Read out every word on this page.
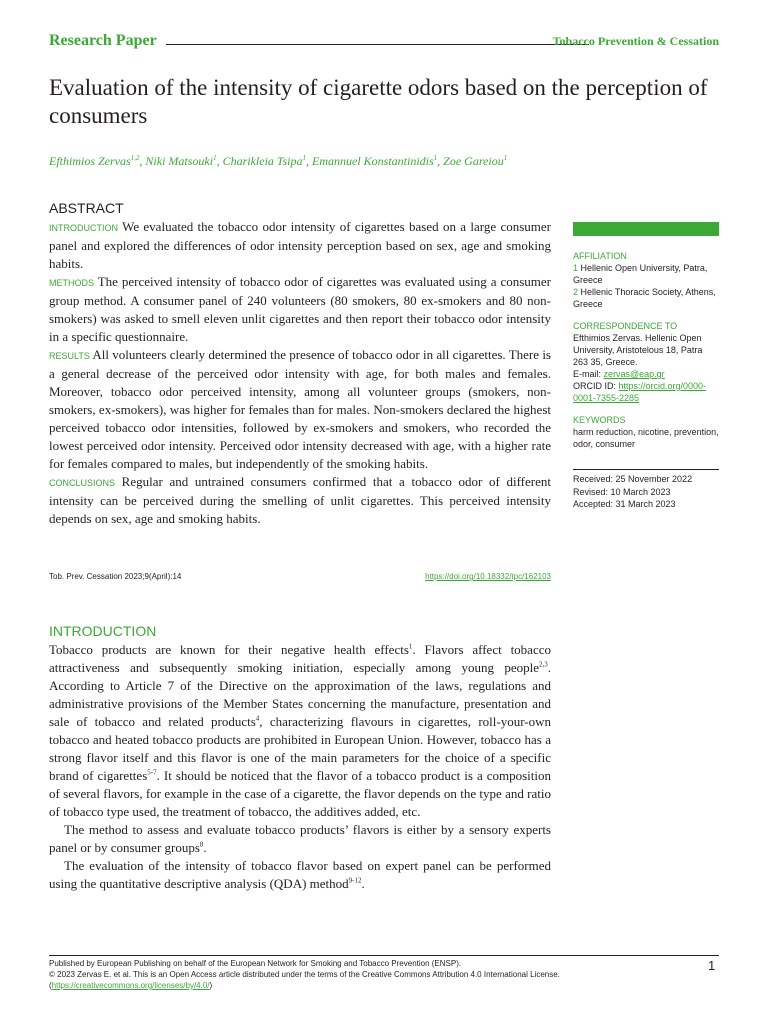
Research Paper	Tobacco Prevention & Cessation
Evaluation of the intensity of cigarette odors based on the perception of consumers
Efthimios Zervas$^{1,2}$, Niki Matsouki$^1$, Charikleia Tsipa$^1$, Emannuel Konstantinidis$^1$, Zoe Gareiou$^1$
ABSTRACT

INTRODUCTION We evaluated the tobacco odor intensity of cigarettes based on a large consumer panel and explored the differences of odor intensity perception based on sex, age and smoking habits.

METHODS The perceived intensity of tobacco odor of cigarettes was evaluated using a consumer group method. A consumer panel of 240 volunteers (80 smokers, 80 ex-smokers and 80 non-smokers) was asked to smell eleven unlit cigarettes and then report their tobacco odor intensity in a specific questionnaire.

RESULTS All volunteers clearly determined the presence of tobacco odor in all cigarettes. There is a general decrease of the perceived odor intensity with age, for both males and females. Moreover, tobacco odor perceived intensity, among all volunteer groups (smokers, non-smokers, ex-smokers), was higher for females than for males. Non-smokers declared the highest perceived tobacco odor intensities, followed by ex-smokers and smokers, who recorded the lowest perceived odor intensity. Perceived odor intensity decreased with age, with a higher rate for females compared to males, but independently of the smoking habits.

CONCLUSIONS Regular and untrained consumers confirmed that a tobacco odor of different intensity can be perceived during the smelling of unlit cigarettes. This perceived intensity depends on sex, age and smoking habits.

AFFILIATION
1 Hellenic Open University, Patra, Greece
2 Hellenic Thoracic Society, Athens, Greece
CORRESPONDENCE TO
Efthimios Zervas. Hellenic Open University, Aristotelous 18, Patra 263 35, Greece.
E-mail: zervas@eap.gr
ORCID ID: https://orcid.org/0000-0001-7355-2285
KEYWORDS
harm reduction, nicotine, prevention, odor, consumer
Received: 25 November 2022
Revised: 10 March 2023
Accepted: 31 March 2023
Tob. Prev. Cessation 2023;9(April):14	https://doi.org/10.18332/tpc/162103
INTRODUCTION

Tobacco products are known for their negative health effects$^1$. Flavors affect tobacco attractiveness and subsequently smoking initiation, especially among young people$^{2,3}$. According to Article 7 of the Directive on the approximation of the laws, regulations and administrative provisions of the Member States concerning the manufacture, presentation and sale of tobacco and related products$^4$, characterizing flavours in cigarettes, roll-your-own tobacco and heated tobacco products are prohibited in European Union. However, tobacco has a strong flavor itself and this flavor is one of the main parameters for the choice of a specific brand of cigarettes$^{5-7}$. It should be noticed that the flavor of a tobacco product is a composition of several flavors, for example in the case of a cigarette, the flavor depends on the type and ratio of tobacco type used, the treatment of tobacco, the additives added, etc.

The method to assess and evaluate tobacco products’ flavors is either by a sensory experts panel or by consumer groups$^8$.

The evaluation of the intensity of tobacco flavor based on expert panel can be performed using the quantitative descriptive analysis (QDA) method$^{9-12}$.

Published by European Publishing on behalf of the European Network for Smoking and Tobacco Prevention (ENSP).
© 2023 Zervas E. et al. This is an Open Access article distributed under the terms of the Creative Commons Attribution 4.0 International License.
(https://creativecommons.org/licenses/by/4.0/)
1
